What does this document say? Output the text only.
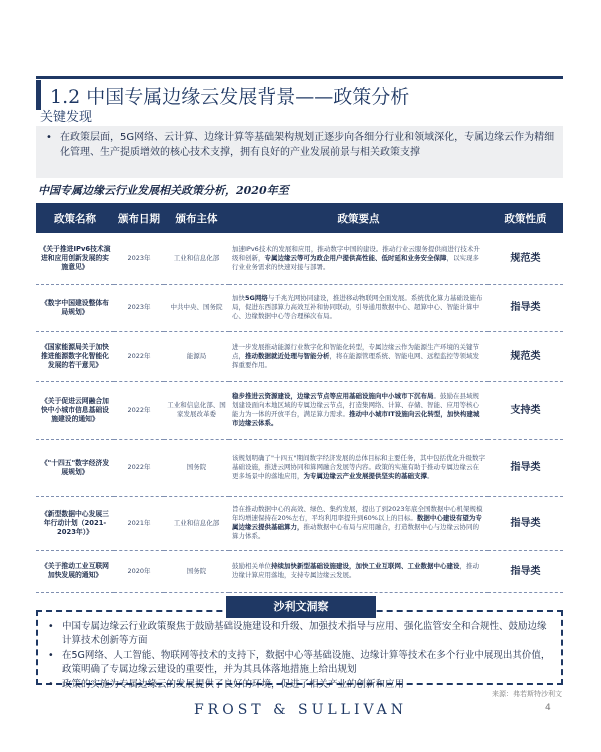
1.2 中国专属边缘云发展背景——政策分析
关键发现
• 在政策层面，5G网络、云计算、边缘计算等基础架构规划正逐步向各细分行业和领域深化，专属边缘云作为精细化管理、生产提质增效的核心技术支撑，拥有良好的产业发展前景与相关政策支撑
中国专属边缘云行业发展相关政策分析，2020年至
政策名称	颁布日期	颁布主体	政策要点	政策性质
《关于推进IPv6技术演进和应用创新发展的实施意见》	2023年	工业和信息化部	加速IPv6技术的发展和应用，推动数字中国的建设。推动行业云服务提供商进行技术升级和创新，专属边缘云等可为政企用户提供高性能、低时延和业务安全保障，以实现多行业业务需求的快速对接与部署。	规范类
《数字中国建设整体布局规划》	2023年	中共中央、国务院	加快5G网络与千兆光网协同建设，推进移动物联网全面发展。系统优化算力基础设施布局，促进东西部算力高效互补和协同联动，引导通用数据中心、超算中心、智能计算中心、边缘数据中心等合理梯次布局。	指导类
《国家能源局关于加快推进能源数字化智能化发展的若干意见》	2022年	能源局	进一步发展推动能源行业数字化和智能化转型，专属边缘云作为能源生产环境的关键节点，推动数据就近处理与智能分析，将在能源管理系统、智能电网、远程监控等领域发挥重要作用。	规范类
《关于促进云网融合加快中小城市信息基础设施建设的通知》	2022年	工业和信息化部、国家发展改革委	稳步推进云资源建设，边缘云节点等应用基础设施向中小城市下沉布局。鼓励在县域规划建设面向本地区域的专属边缘云节点，打造集网络、计算、存储、智能、应用等核心能力为一体的开放平台，满足算力需求。推动中小城市IT设施向云化转型，加快构建城市边缘云体系。	支持类
《"十四五"数字经济发展规划》	2022年	国务院	该规划明确了"十四五"期间数字经济发展的总体目标和主要任务，其中包括优化升级数字基础设施，推进云网协同和算网融合发展等内容。政策的实施有助于推动专属边缘云在更多场景中的落地应用，为专属边缘云产业发展提供坚实的基础支撑。	指导类
《新型数据中心发展三年行动计划（2021-2023年）》	2021年	工业和信息化部	旨在推动数据中心的高效、绿色、集约发展，提出了到2023年底全国数据中心机架规模年均增速保持在20%左右，平均利用率提升到60%以上的目标。数据中心建设有望为专属边缘云提供基础算力，推动数据中心布局与应用融合，打造数据中心与边缘云协同的算力体系。	指导类
《关于推动工业互联网加快发展的通知》	2020年	国务院	鼓励相关单位持续加快新型基础设施建设，加快工业互联网、工业数据中心建设，推动边缘计算应用落地，支持专属边缘云发展。	指导类
• 中国专属边缘云行业政策聚焦于鼓励基础设施建设和升级、加强技术指导与应用、强化监管安全和合规性、鼓励边缘计算技术创新等方面
• 在5G网络、人工智能、物联网等技术的支持下，数据中心等基础设施、边缘计算等技术在多个行业中展现出其价值，政策明确了专属边缘云建设的重要性，并为其具体落地措施上给出规划
• 政策的实施为专属边缘云的发展提供了良好的环境，促进了相关产业的创新和应用
沙利文洞察
来源：弗若斯特沙利文
4
FROST & SULLIVAN
